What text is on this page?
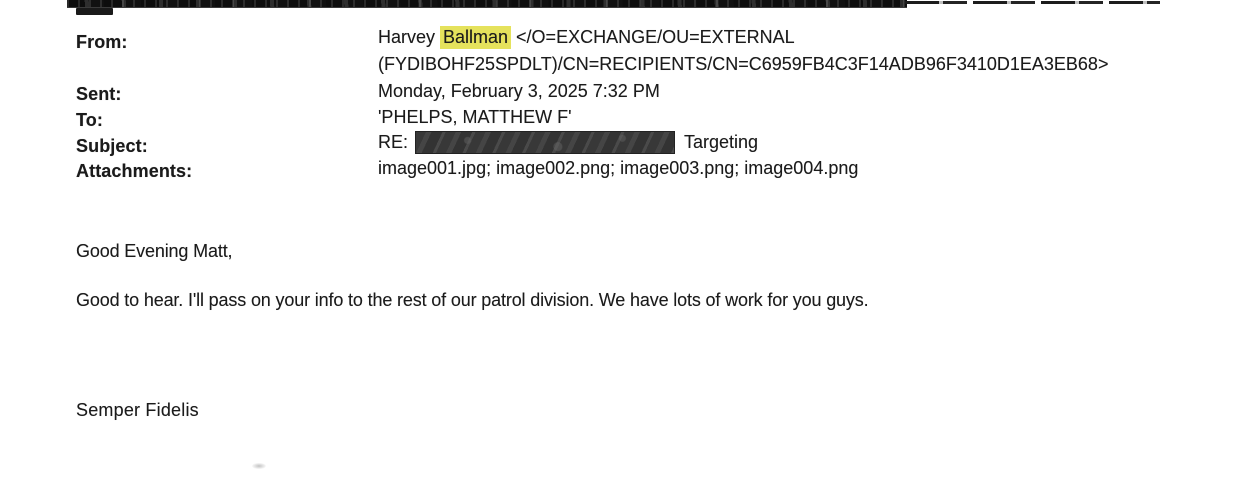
From:	Harvey Ballman </O=EXCHANGE/OU=EXTERNAL
(FYDIBOHF25SPDLT)/CN=RECIPIENTS/CN=C6959FB4C3F14ADB96F3410D1EA3EB68>
Sent:	Monday, February 3, 2025 7:32 PM
To:	'PHELPS, MATTHEW F'
Subject:	RE:	Targeting
Attachments:	image001.jpg; image002.png; image003.png; image004.png
Good Evening Matt,
Good to hear. I'll pass on your info to the rest of our patrol division. We have lots of work for you guys.
Semper Fidelis
